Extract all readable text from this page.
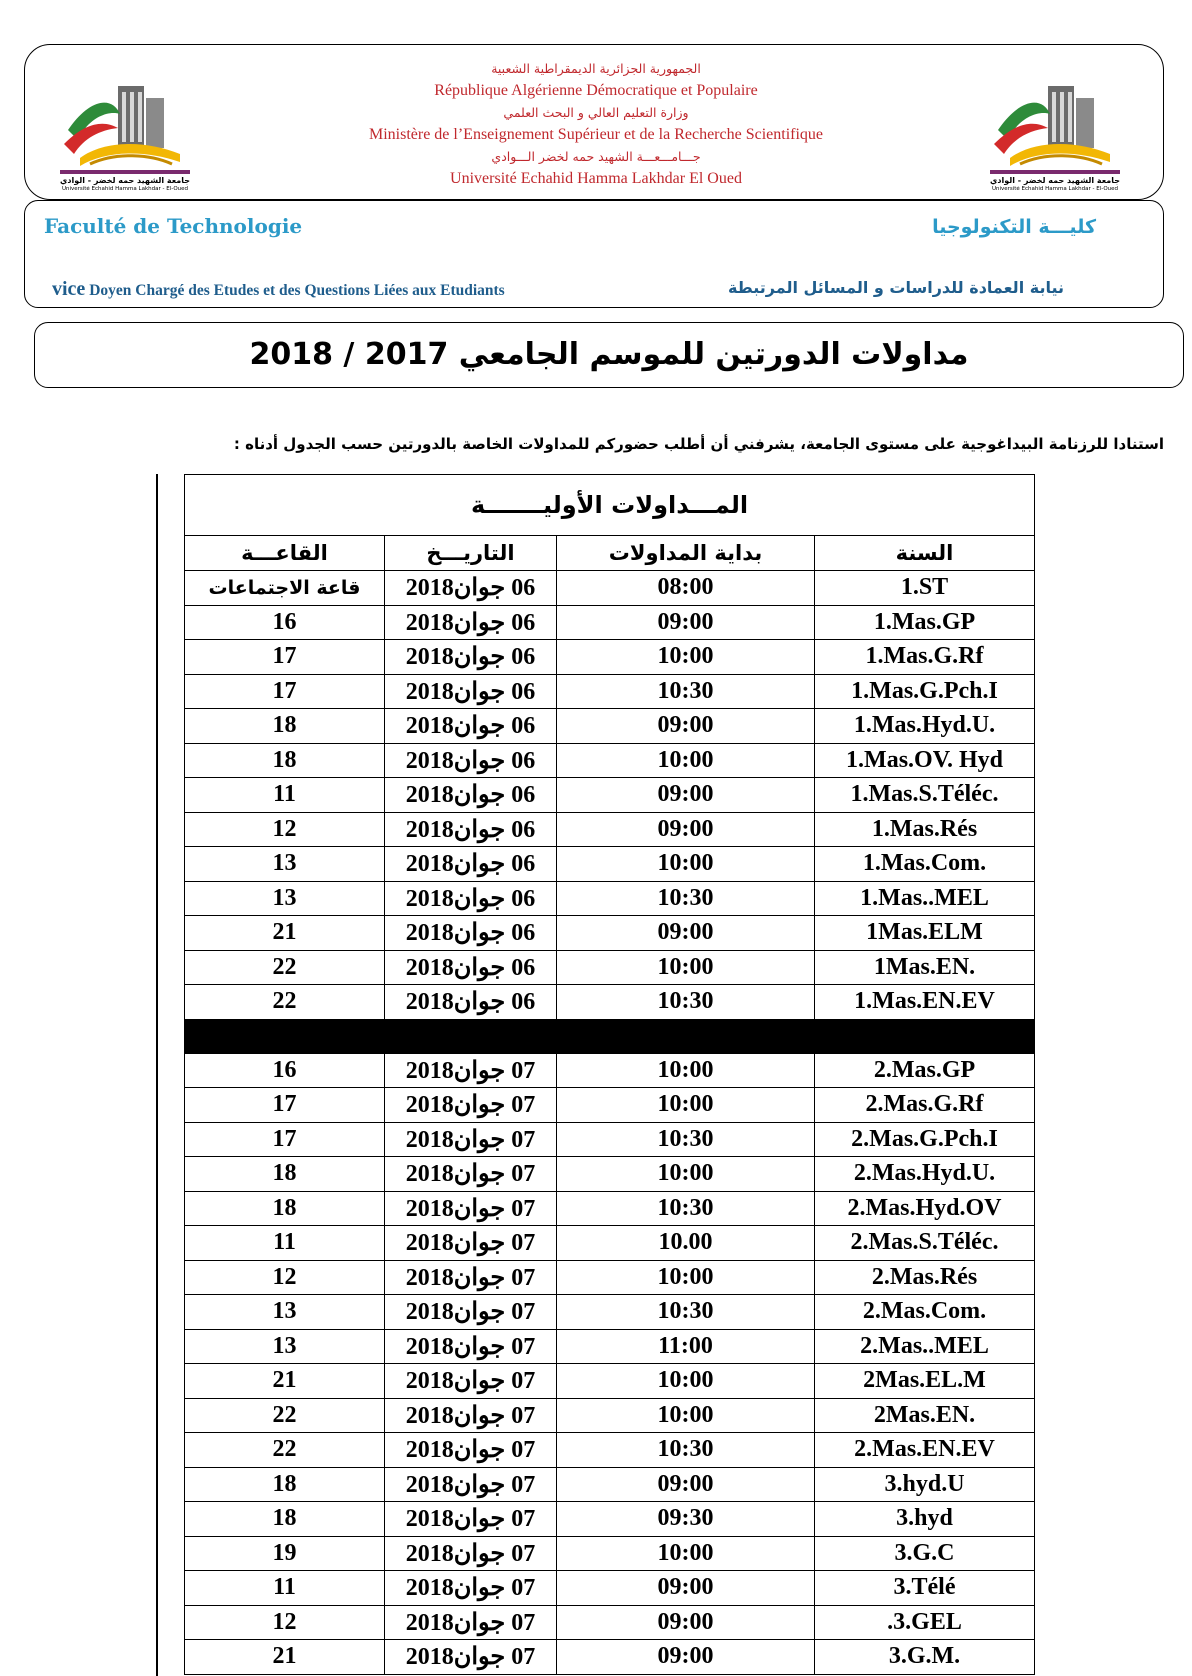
جامعة الشهيد حمه لخضر - الوادي
Université Echahid Hamma Lakhdar - El-Oued
جامعة الشهيد حمه لخضر - الوادي
Université Echahid Hamma Lakhdar - El-Oued
الجمهورية الجزائرية الديمقراطية الشعبية
République Algérienne Démocratique et Populaire
وزارة التعليم العالي و البحث العلمي
Ministère de l’Enseignement Supérieur et de la Recherche Scientifique
جـــامـــعـــة الشهيد حمه لخضر الـــوادي
Université Echahid Hamma Lakhdar El Oued
Faculté de Technologie	كليـــة التكنولوجيا
vice Doyen Chargé des Etudes et des Questions Liées aux Etudiants	نيابة العمادة للدراسات و المسائل المرتبطة
مداولات الدورتين للموسم الجامعي 2017 / 2018
استنادا للرزنامة البيداغوجية على مستوى الجامعة، يشرفني أن أطلب حضوركم للمداولات الخاصة بالدورتين حسب الجدول أدناه :
المـــداولات الأوليـــــــة			
القاعـــة	التاريـــخ	بداية المداولات	السنة
قاعة الاجتماعات	06 جوان2018	08:00	1.ST
16	06 جوان2018	09:00	1.Mas.GP
17	06 جوان2018	10:00	1.Mas.G.Rf
17	06 جوان2018	10:30	1.Mas.G.Pch.I
18	06 جوان2018	09:00	1.Mas.Hyd.U.
18	06 جوان2018	10:00	1.Mas.OV. Hyd
11	06 جوان2018	09:00	1.Mas.S.Téléc.
12	06 جوان2018	09:00	1.Mas.Rés
13	06 جوان2018	10:00	1.Mas.Com.
13	06 جوان2018	10:30	1.Mas..MEL
21	06 جوان2018	09:00	1Mas.ELM
22	06 جوان2018	10:00	1Mas.EN.
22	06 جوان2018	10:30	1.Mas.EN.EV

16	07 جوان2018	10:00	2.Mas.GP
17	07 جوان2018	10:00	2.Mas.G.Rf
17	07 جوان2018	10:30	2.Mas.G.Pch.I
18	07 جوان2018	10:00	2.Mas.Hyd.U.
18	07 جوان2018	10:30	2.Mas.Hyd.OV
11	07 جوان2018	10.00	2.Mas.S.Téléc.
12	07 جوان2018	10:00	2.Mas.Rés
13	07 جوان2018	10:30	2.Mas.Com.
13	07 جوان2018	11:00	2.Mas..MEL
21	07 جوان2018	10:00	2Mas.EL.M
22	07 جوان2018	10:00	2Mas.EN.
22	07 جوان2018	10:30	2.Mas.EN.EV
18	07 جوان2018	09:00	3.hyd.U
18	07 جوان2018	09:30	3.hyd
19	07 جوان2018	10:00	3.G.C
11	07 جوان2018	09:00	3.Télé
12	07 جوان2018	09:00	.3.GEL
21	07 جوان2018	09:00	3.G.M.
